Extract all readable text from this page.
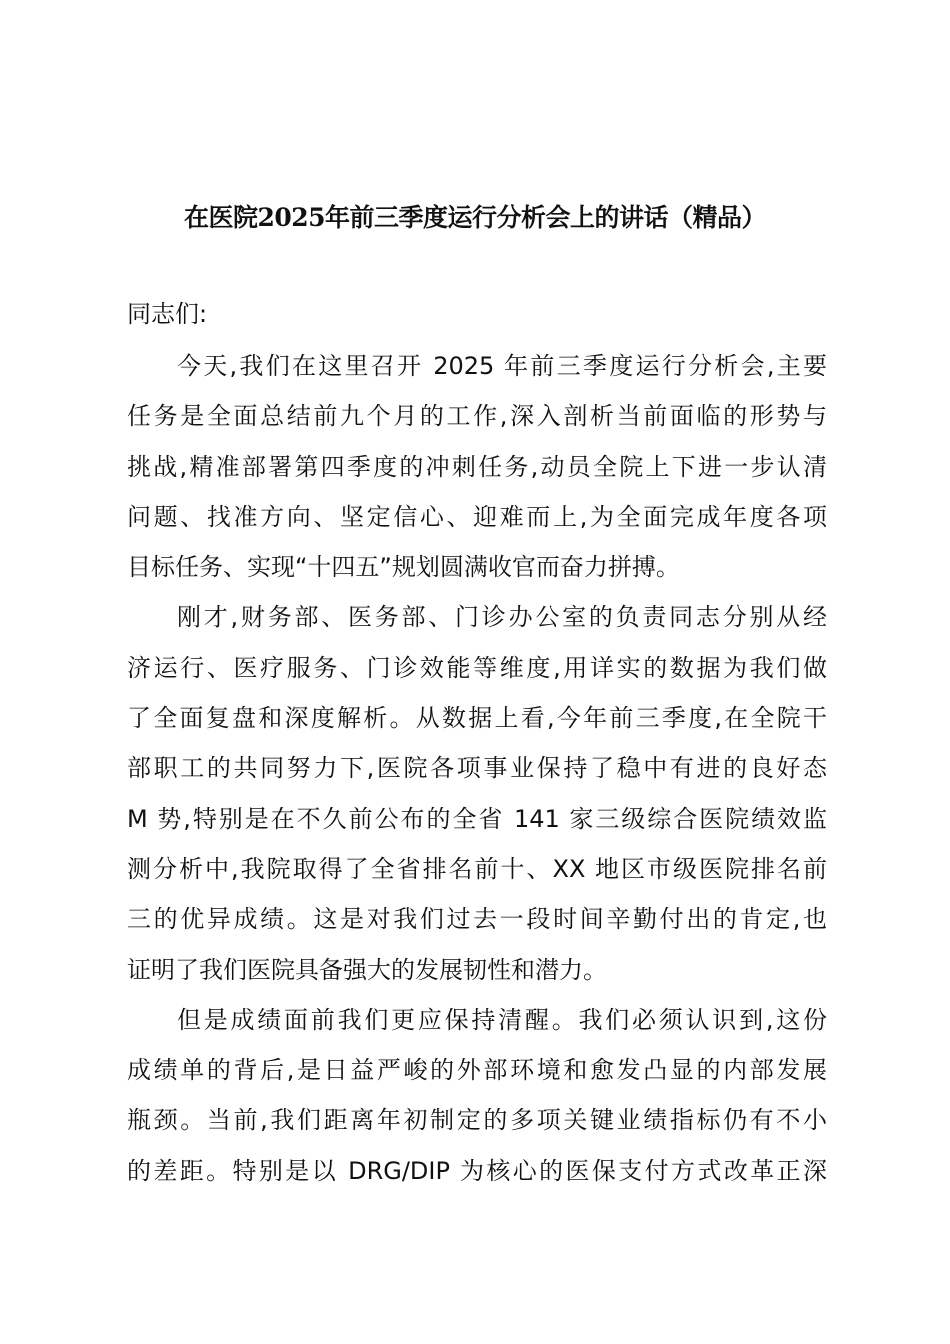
在医院2025年前三季度运行分析会上的讲话（精品）
同志们:
今天,我们在这里召开 2025 年前三季度运行分析会,主要
任务是全面总结前九个月的工作,深入剖析当前面临的形势与
挑战,精准部署第四季度的冲刺任务,动员全院上下进一步认清
问题、找准方向、坚定信心、迎难而上,为全面完成年度各项
目标任务、实现“十四五”规划圆满收官而奋力拼搏。
刚才,财务部、医务部、门诊办公室的负责同志分别从经
济运行、医疗服务、门诊效能等维度,用详实的数据为我们做
了全面复盘和深度解析。从数据上看,今年前三季度,在全院干
部职工的共同努力下,医院各项事业保持了稳中有进的良好态
M 势,特别是在不久前公布的全省 141 家三级综合医院绩效监
测分析中,我院取得了全省排名前十、XX 地区市级医院排名前
三的优异成绩。这是对我们过去一段时间辛勤付出的肯定,也
证明了我们医院具备强大的发展韧性和潜力。
但是成绩面前我们更应保持清醒。我们必须认识到,这份
成绩单的背后,是日益严峻的外部环境和愈发凸显的内部发展
瓶颈。当前,我们距离年初制定的多项关键业绩指标仍有不小
的差距。特别是以 DRG/DIP 为核心的医保支付方式改革正深
